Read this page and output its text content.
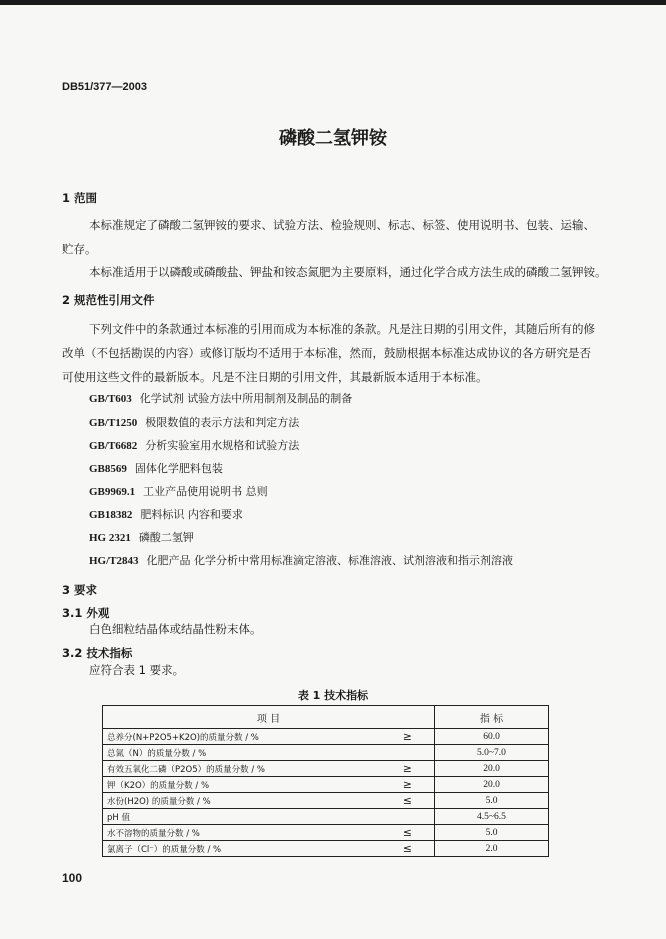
DB51/377—2003
磷酸二氢钾铵
1 范围
本标准规定了磷酸二氢钾铵的要求、试验方法、检验规则、标志、标签、使用说明书、包装、运输、
贮存。
本标准适用于以磷酸或磷酸盐、钾盐和铵态氮肥为主要原料，通过化学合成方法生成的磷酸二氢钾铵。
2 规范性引用文件
下列文件中的条款通过本标准的引用而成为本标准的条款。凡是注日期的引用文件，其随后所有的修
改单（不包括勘误的内容）或修订版均不适用于本标准，然而，鼓励根据本标准达成协议的各方研究是否
可使用这些文件的最新版本。凡是不注日期的引用文件，其最新版本适用于本标准。
GB/T603 化学试剂 试验方法中所用制剂及制品的制备
GB/T1250 极限数值的表示方法和判定方法
GB/T6682 分析实验室用水规格和试验方法
GB8569 固体化学肥料包装
GB9969.1 工业产品使用说明书 总则
GB18382 肥料标识 内容和要求
HG 2321 磷酸二氢钾
HG/T2843 化肥产品 化学分析中常用标准滴定溶液、标准溶液、试剂溶液和指示剂溶液
3 要求
3.1 外观
白色细粒结晶体或结晶性粉末体。
3.2 技术指标
应符合表 1 要求。
表 1 技术指标
项 目		指 标
总养分(N+P2O5+K2O)的质量分数 / %	≥	60.0
总氮（N）的质量分数 / %		5.0~7.0
有效五氧化二磷（P2O5）的质量分数 / %	≥	20.0
钾（K2O）的质量分数 / %	≥	20.0
水份(H2O) 的质量分数 / %	≤	5.0
pH 值		4.5~6.5
水不溶物的质量分数 / %	≤	5.0
氯离子（Cl⁻）的质量分数 / %	≤	2.0
100
